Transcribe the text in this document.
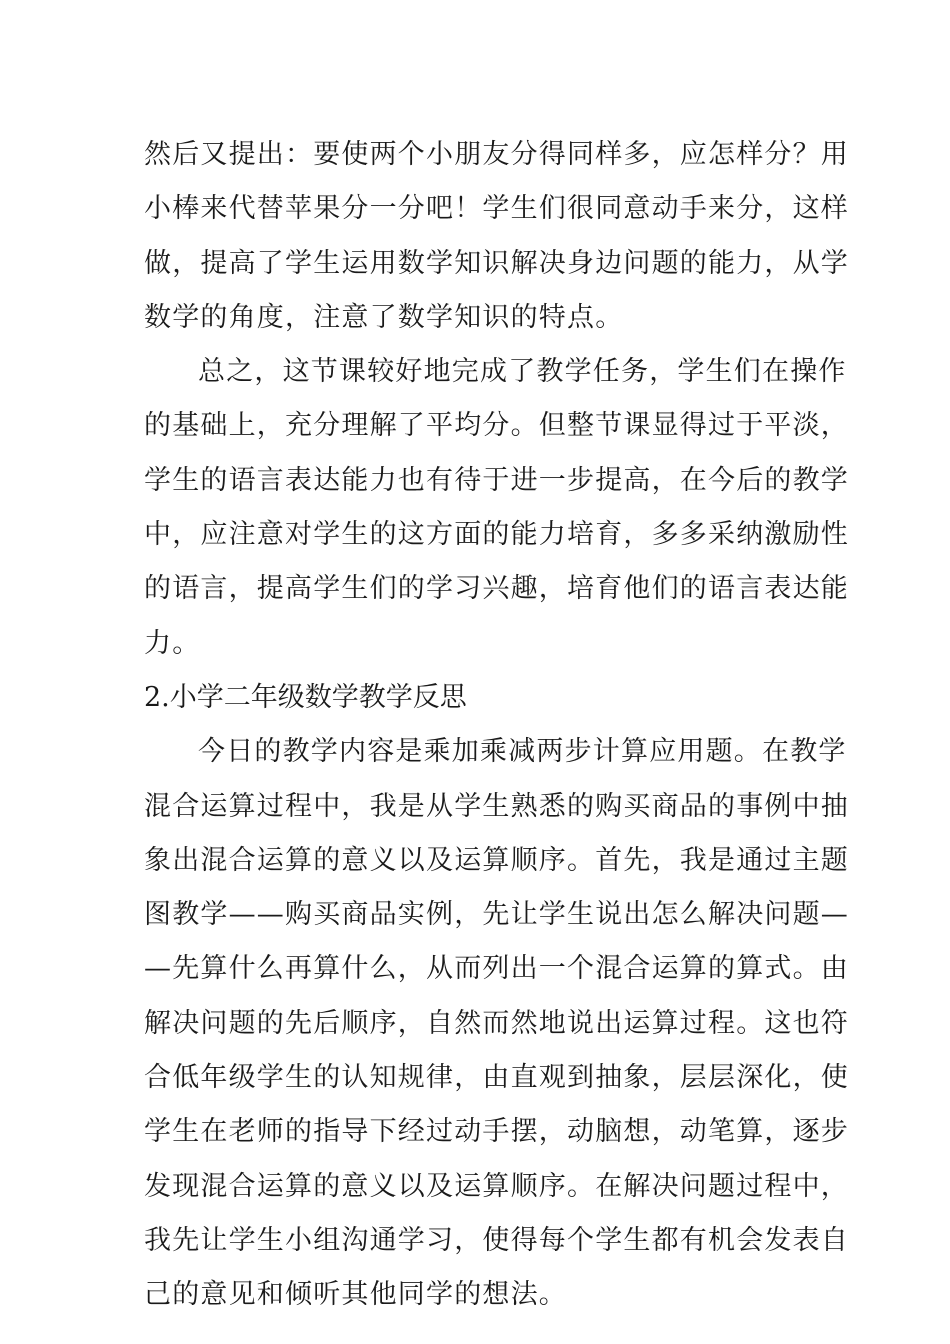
然后又提出：要使两个小朋友分得同样多，应怎样分？用
小棒来代替苹果分一分吧！学生们很同意动手来分，这样
做，提高了学生运用数学知识解决身边问题的能力，从学
数学的角度，注意了数学知识的特点。
总之，这节课较好地完成了教学任务，学生们在操作
的基础上，充分理解了平均分。但整节课显得过于平淡，
学生的语言表达能力也有待于进一步提高，在今后的教学
中，应注意对学生的这方面的能力培育，多多采纳激励性
的语言，提高学生们的学习兴趣，培育他们的语言表达能
力。
2.小学二年级数学教学反思
今日的教学内容是乘加乘减两步计算应用题。在教学
混合运算过程中，我是从学生熟悉的购买商品的事例中抽
象出混合运算的意义以及运算顺序。首先，我是通过主题
图教学——购买商品实例，先让学生说出怎么解决问题—
—先算什么再算什么，从而列出一个混合运算的算式。由
解决问题的先后顺序，自然而然地说出运算过程。这也符
合低年级学生的认知规律，由直观到抽象，层层深化，使
学生在老师的指导下经过动手摆，动脑想，动笔算，逐步
发现混合运算的意义以及运算顺序。在解决问题过程中，
我先让学生小组沟通学习，使得每个学生都有机会发表自
己的意见和倾听其他同学的想法。
